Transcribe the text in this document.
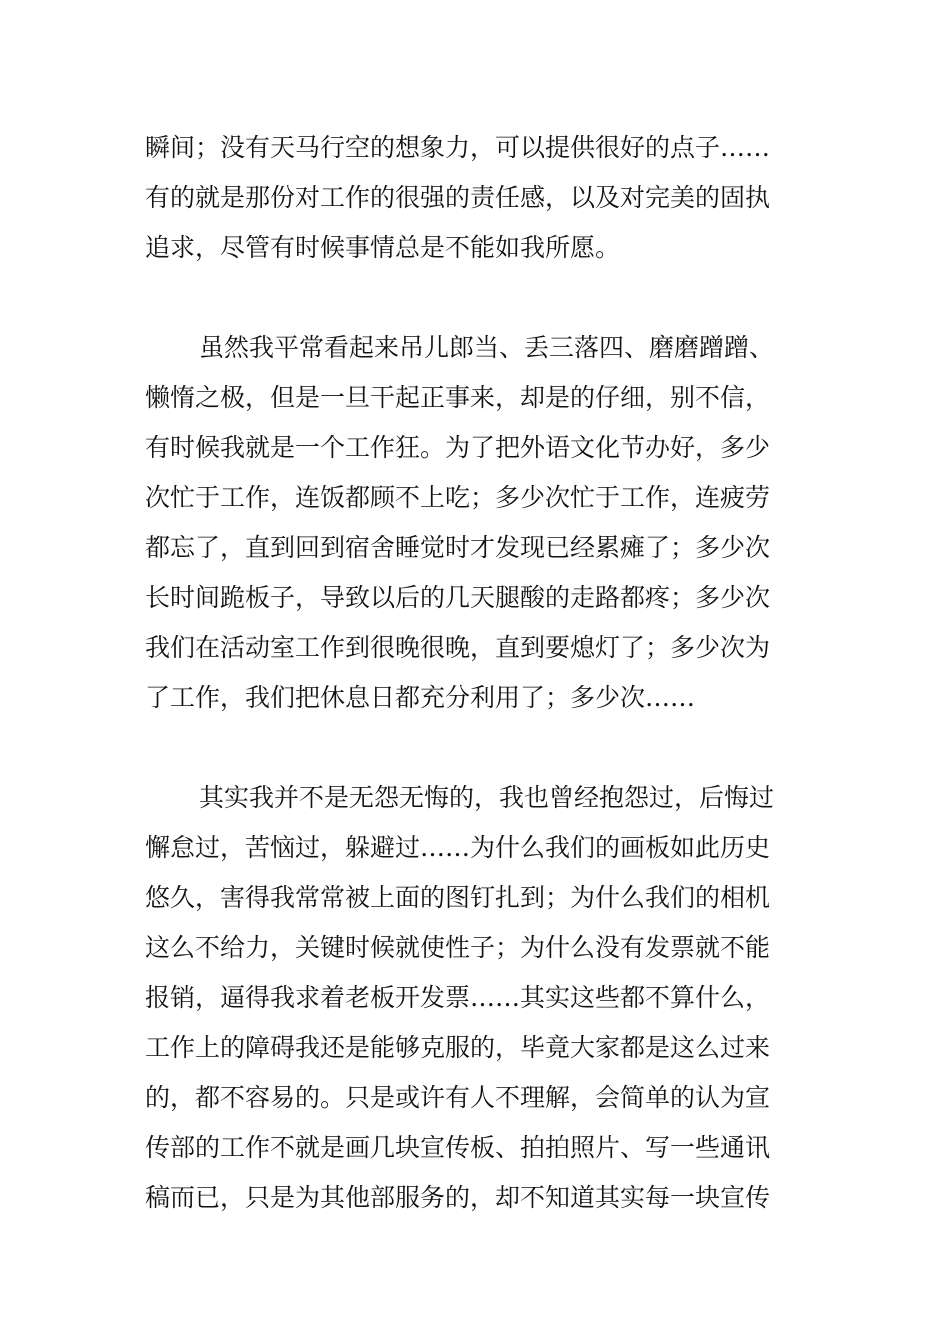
瞬间；没有天马行空的想象力，可以提供很好的点子……
有的就是那份对工作的很强的责任感，以及对完美的固执
追求，尽管有时候事情总是不能如我所愿。
虽然我平常看起来吊儿郎当、丢三落四、磨磨蹭蹭、
懒惰之极，但是一旦干起正事来，却是的仔细，别不信，
有时候我就是一个工作狂。为了把外语文化节办好，多少
次忙于工作，连饭都顾不上吃；多少次忙于工作，连疲劳
都忘了，直到回到宿舍睡觉时才发现已经累瘫了；多少次
长时间跪板子，导致以后的几天腿酸的走路都疼；多少次
我们在活动室工作到很晚很晚，直到要熄灯了；多少次为
了工作，我们把休息日都充分利用了；多少次……
其实我并不是无怨无悔的，我也曾经抱怨过，后悔过
懈怠过，苦恼过，躲避过……为什么我们的画板如此历史
悠久，害得我常常被上面的图钉扎到；为什么我们的相机
这么不给力，关键时候就使性子；为什么没有发票就不能
报销，逼得我求着老板开发票……其实这些都不算什么，
工作上的障碍我还是能够克服的，毕竟大家都是这么过来
的，都不容易的。只是或许有人不理解，会简单的认为宣
传部的工作不就是画几块宣传板、拍拍照片、写一些通讯
稿而已，只是为其他部服务的，却不知道其实每一块宣传
